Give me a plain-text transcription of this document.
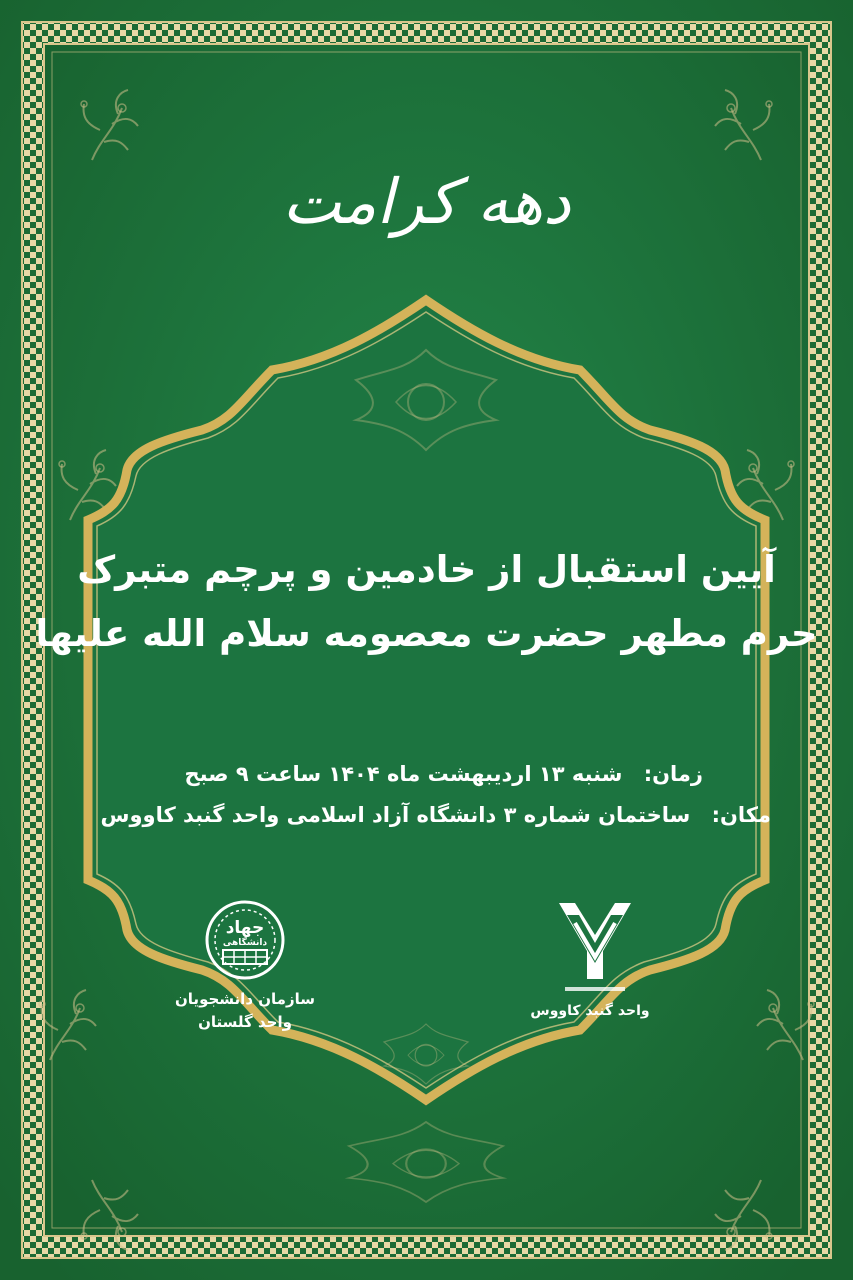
دهه کرامت
آیین استقبال از خادمین و پرچم متبرک
حرم مطهر حضرت معصومه سلام الله علیها
زمان: شنبه ۱۳ اردیبهشت ماه ۱۴۰۴ ساعت ۹ صبح
مکان: ساختمان شماره ۳ دانشگاه آزاد اسلامی واحد گنبد کاووس
جهاد
دانشگاهی
سازمان دانشجویان
واحد گلستان
واحد گنبد کاووس
